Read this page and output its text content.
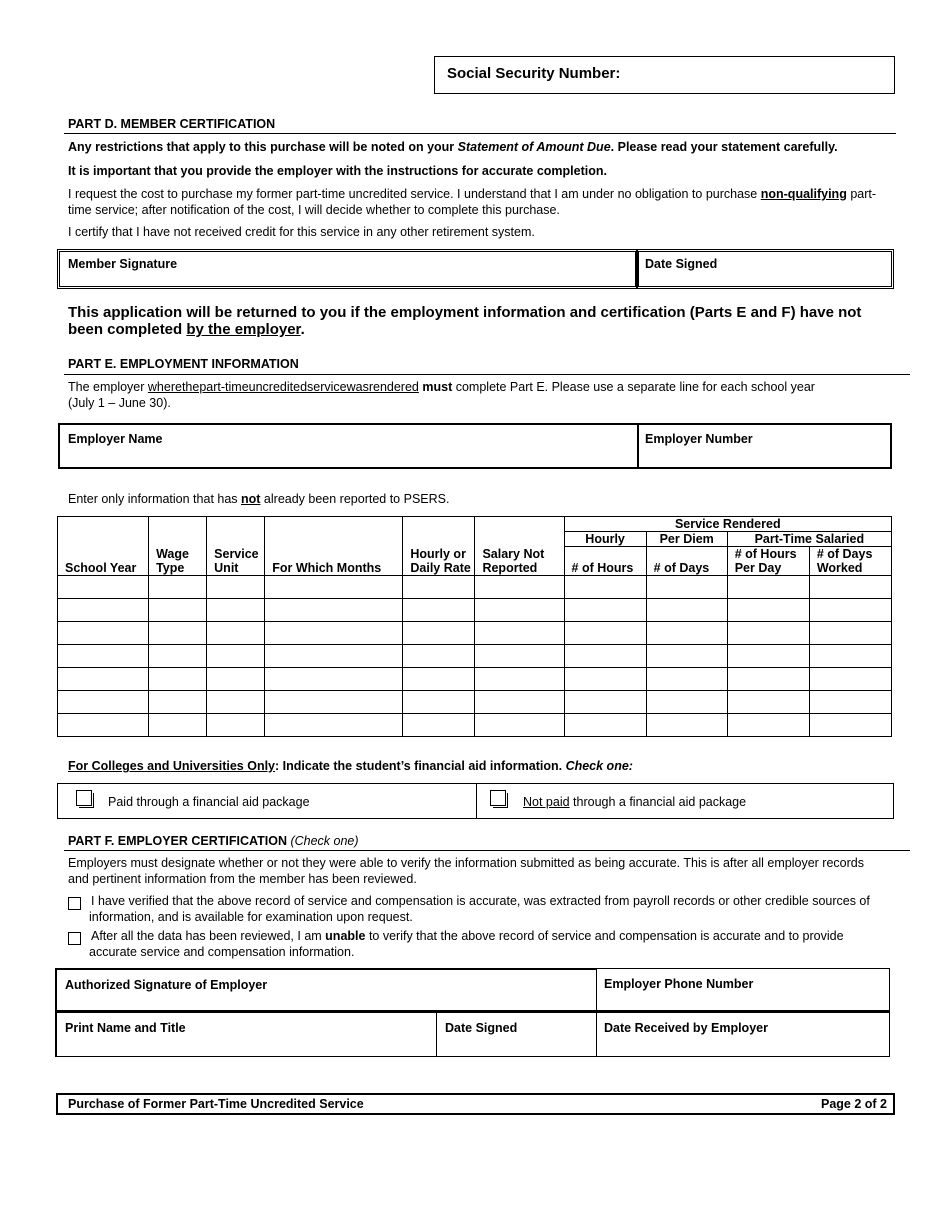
Social Security Number:
PART D. MEMBER CERTIFICATION
Any restrictions that apply to this purchase will be noted on your Statement of Amount Due. Please read your statement carefully.
It is important that you provide the employer with the instructions for accurate completion.
I request the cost to purchase my former part-time uncredited service. I understand that I am under no obligation to purchase non-qualifying part-time service; after notification of the cost, I will decide whether to complete this purchase.
I certify that I have not received credit for this service in any other retirement system.
Member Signature	Date Signed
This application will be returned to you if the employment information and certification (Parts E and F) have not been completed by the employer.
PART E. EMPLOYMENT INFORMATION
The employer wherethepart-timeuncreditedservicewasrendered must complete Part E. Please use a separate line for each school year (July 1 – June 30).
Employer Name	Employer Number
Enter only information that has not already been reported to PSERS.
						Service Rendered			
						Hourly	Per Diem	Part-Time Salaried	
School Year	Wage Type	Service Unit	For Which Months	Hourly or Daily Rate	Salary Not Reported	# of Hours	# of Days	# of Hours Per Day	# of Days Worked

For Colleges and Universities Only: Indicate the student’s financial aid information. Check one:
Paid through a financial aid package	Not paid through a financial aid package
PART F. EMPLOYER CERTIFICATION (Check one)
Employers must designate whether or not they were able to verify the information submitted as being accurate. This is after all employer records and pertinent information from the member has been reviewed.
I have verified that the above record of service and compensation is accurate, was extracted from payroll records or other credible sources of information, and is available for examination upon request.
After all the data has been reviewed, I am unable to verify that the above record of service and compensation is accurate and to provide accurate service and compensation information.
Authorized Signature of Employer	Employer Phone Number
Print Name and Title	Date Signed	Date Received by Employer
Purchase of Former Part-Time Uncredited Service	Page 2 of 2
